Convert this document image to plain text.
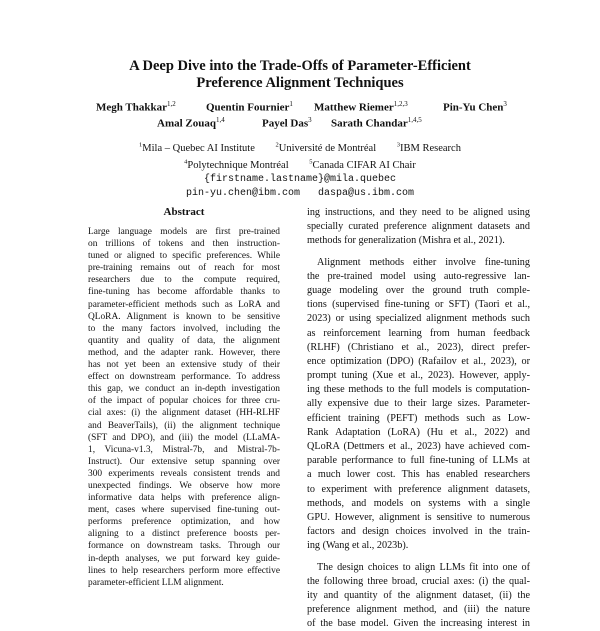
A Deep Dive into the Trade-Offs of Parameter-Efficient
Preference Alignment Techniques
Megh Thakkar$^{1,2}$	Quentin Fournier$^1$ Matthew Riemer$^{1,2,3}$	Pin-Yu Chen$^3$
Amal Zouaq$^{1,4}$	Payel Das$^3$ Sarath Chandar$^{1,4,5}$
$^1$Mila – Quebec AI Institute	$^2$Université de Montréal	$^3$IBM Research
$^4$Polytechnique Montréal	$^5$Canada CIFAR AI Chair
{firstname.lastname}@mila.quebec
pin-yu.chen@ibm.com   daspa@us.ibm.com
Abstract
Large language models are first pre-trained
on trillions of tokens and then instruction-
tuned or aligned to specific preferences. While
pre-training remains out of reach for most
researchers due to the compute required,
fine-tuning has become affordable thanks to
parameter-efficient methods such as LoRA and
QLoRA. Alignment is known to be sensitive
to the many factors involved, including the
quantity and quality of data, the alignment
method, and the adapter rank. However, there
has not yet been an extensive study of their
effect on downstream performance. To address
this gap, we conduct an in-depth investigation
of the impact of popular choices for three cru-
cial axes: (i) the alignment dataset (HH-RLHF
and BeaverTails), (ii) the alignment technique
(SFT and DPO), and (iii) the model (LLaMA-
1, Vicuna-v1.3, Mistral-7b, and Mistral-7b-
Instruct). Our extensive setup spanning over
300 experiments reveals consistent trends and
unexpected findings. We observe how more
informative data helps with preference align-
ment, cases where supervised fine-tuning out-
performs preference optimization, and how
aligning to a distinct preference boosts per-
formance on downstream tasks. Through our
in-depth analyses, we put forward key guide-
lines to help researchers perform more effective
parameter-efficient LLM alignment.
ing instructions, and they need to be aligned using
specially curated preference alignment datasets and
methods for generalization (Mishra et al., 2021).
Alignment methods either involve fine-tuning
the pre-trained model using auto-regressive lan-
guage modeling over the ground truth comple-
tions (supervised fine-tuning or SFT) (Taori et al.,
2023) or using specialized alignment methods such
as reinforcement learning from human feedback
(RLHF) (Christiano et al., 2023), direct prefer-
ence optimization (DPO) (Rafailov et al., 2023), or
prompt tuning (Xue et al., 2023). However, apply-
ing these methods to the full models is computation-
ally expensive due to their large sizes. Parameter-
efficient training (PEFT) methods such as Low-
Rank Adaptation (LoRA) (Hu et al., 2022) and
QLoRA (Dettmers et al., 2023) have achieved com-
parable performance to full fine-tuning of LLMs at
a much lower cost. This has enabled researchers
to experiment with preference alignment datasets,
methods, and models on systems with a single
GPU. However, alignment is sensitive to numerous
factors and design choices involved in the train-
ing (Wang et al., 2023b).
The design choices to align LLMs fit into one of
the following three broad, crucial axes: (i) the qual-
ity and quantity of the alignment dataset, (ii) the
preference alignment method, and (iii) the nature
of the base model. Given the increasing interest in
